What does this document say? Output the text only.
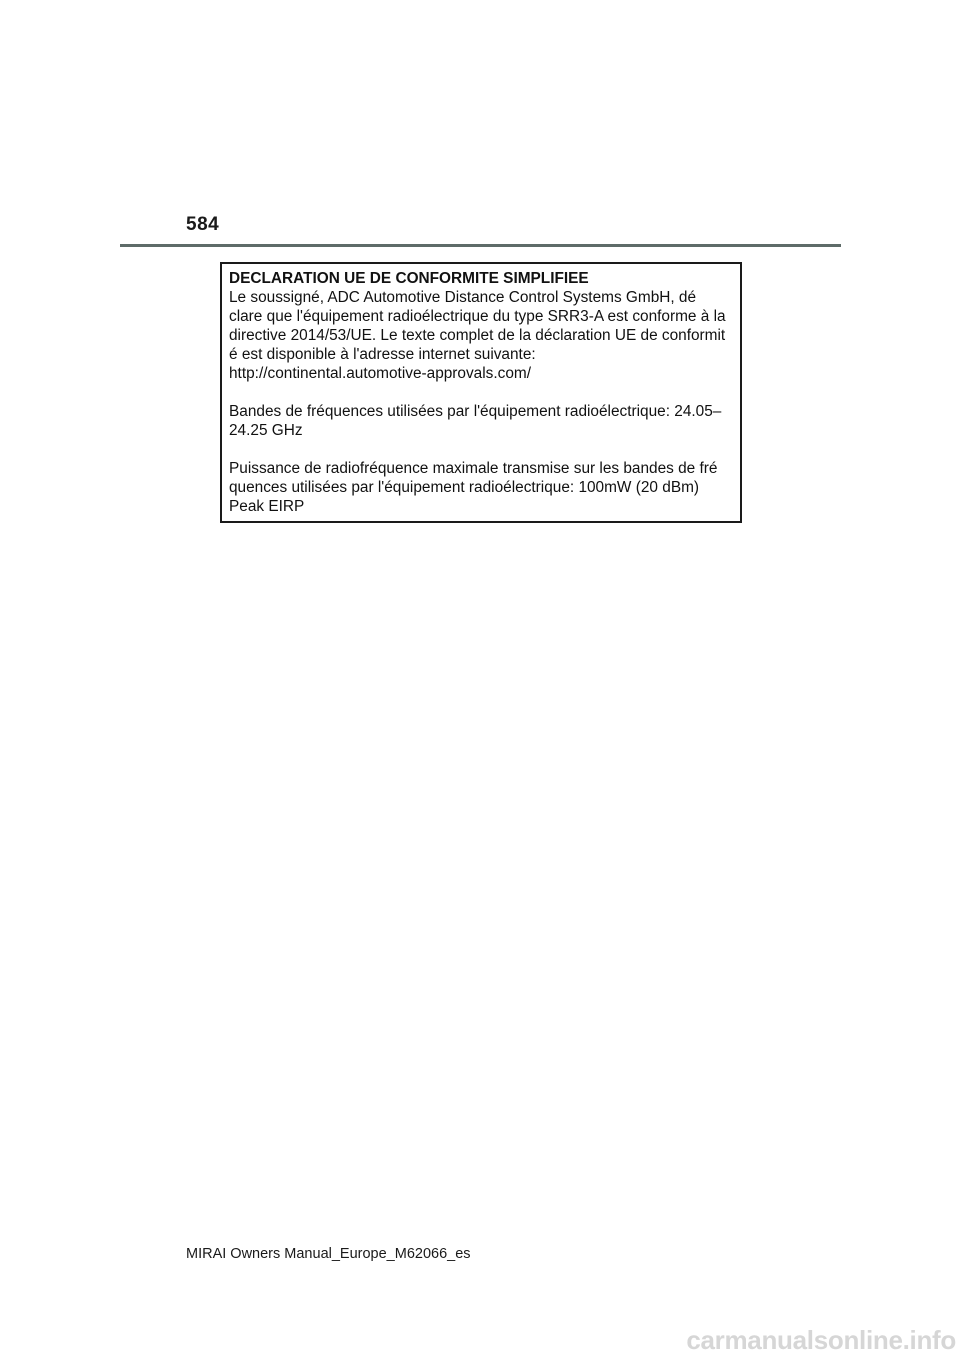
584

DECLARATION UE DE CONFORMITE SIMPLIFIEE

Le soussigné, ADC Automotive Distance Control Systems GmbH, dé
clare que l'équipement radioélectrique du type SRR3-A est conforme à la
directive 2014/53/UE. Le texte complet de la déclaration UE de conformit
é est disponible à l'adresse internet suivante:
http://continental.automotive-approvals.com/

Bandes de fréquences utilisées par l'équipement radioélectrique: 24.05–
24.25 GHz

Puissance de radiofréquence maximale transmise sur les bandes de fré
quences utilisées par l'équipement radioélectrique: 100mW (20 dBm)
Peak EIRP

MIRAI Owners Manual_Europe_M62066_es
carmanualsonline.info
